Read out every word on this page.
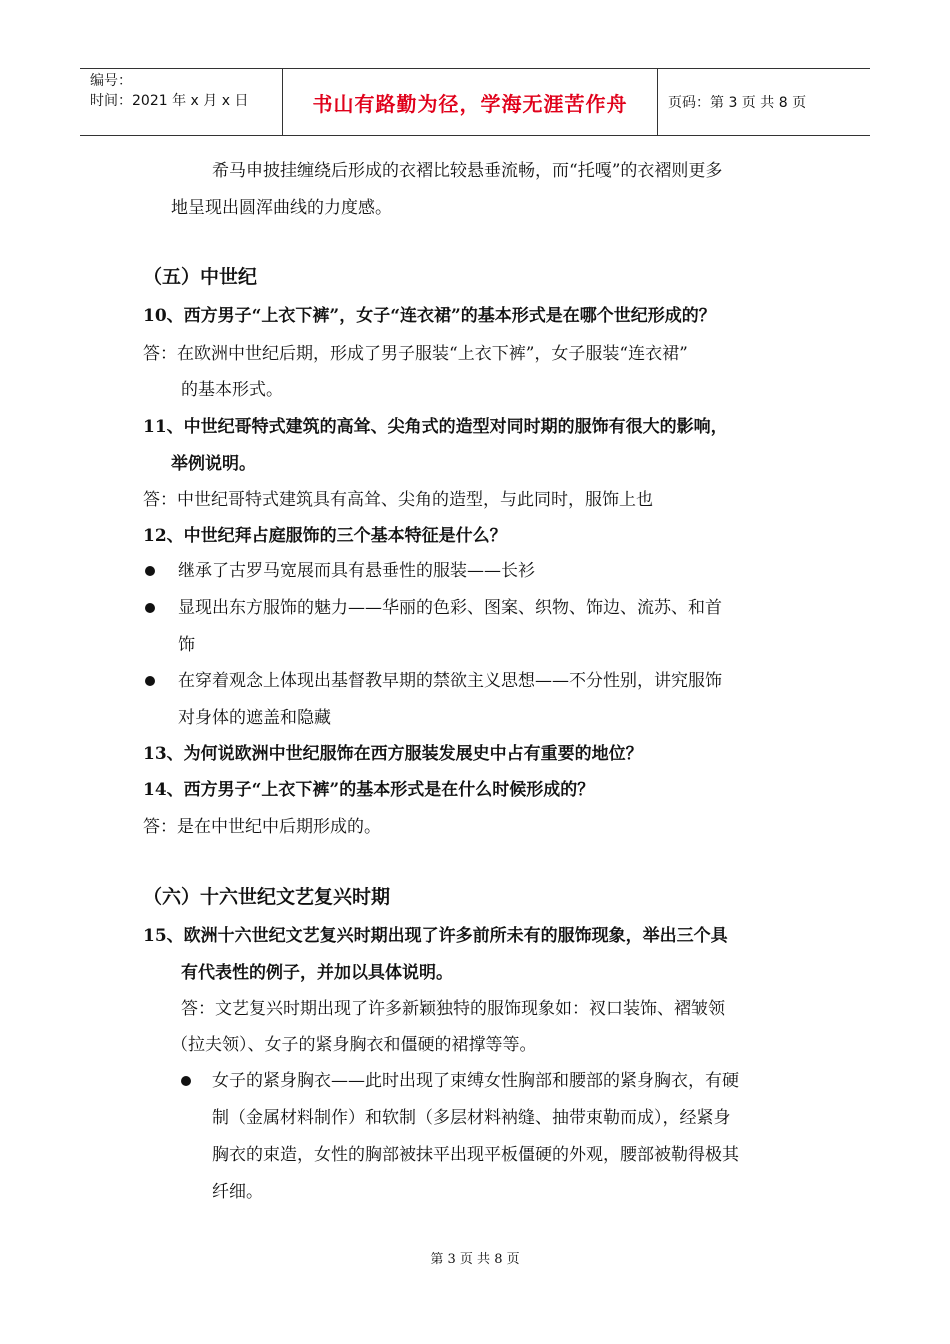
编号：
时间：2021 年 x 月 x 日	书山有路勤为径，学海无涯苦作舟	页码：第 3 页 共 8 页
希马申披挂缠绕后形成的衣褶比较悬垂流畅，而“托嘎”的衣褶则更多
地呈现出圆浑曲线的力度感。
（五）中世纪
10、西方男子“上衣下裤”，女子“连衣裙”的基本形式是在哪个世纪形成的？
答：在欧洲中世纪后期，形成了男子服装“上衣下裤”，女子服装“连衣裙”
的基本形式。
11、中世纪哥特式建筑的高耸、尖角式的造型对同时期的服饰有很大的影响，
举例说明。
答：中世纪哥特式建筑具有高耸、尖角的造型，与此同时，服饰上也
12、中世纪拜占庭服饰的三个基本特征是什么？
继承了古罗马宽展而具有悬垂性的服装——长衫
显现出东方服饰的魅力——华丽的色彩、图案、织物、饰边、流苏、和首
饰
在穿着观念上体现出基督教早期的禁欲主义思想——不分性别，讲究服饰
对身体的遮盖和隐藏
13、为何说欧洲中世纪服饰在西方服装发展史中占有重要的地位？
14、西方男子“上衣下裤”的基本形式是在什么时候形成的？
答：是在中世纪中后期形成的。
（六）十六世纪文艺复兴时期
15、欧洲十六世纪文艺复兴时期出现了许多前所未有的服饰现象，举出三个具
有代表性的例子，并加以具体说明。
答：文艺复兴时期出现了许多新颖独特的服饰现象如：衩口装饰、褶皱领
（拉夫领）、女子的紧身胸衣和僵硬的裙撑等等。
女子的紧身胸衣——此时出现了束缚女性胸部和腰部的紧身胸衣，有硬
制（金属材料制作）和软制（多层材料衲缝、抽带束勒而成），经紧身
胸衣的束造，女性的胸部被抹平出现平板僵硬的外观，腰部被勒得极其
纤细。
第 3 页 共 8 页
